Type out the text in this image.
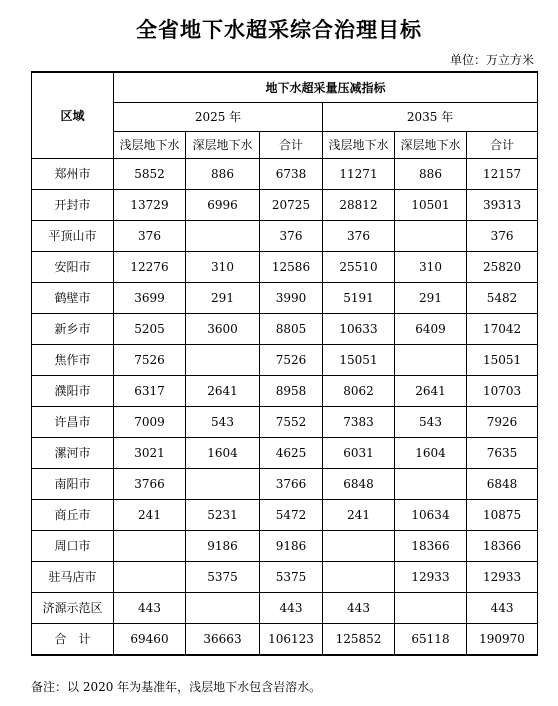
全省地下水超采综合治理目标
单位：万立方米
区域	地下水超采量压减指标					
	2025 年			2035 年		
	浅层地下水	深层地下水	合计	浅层地下水	深层地下水	合计
郑州市	5852	886	6738	11271	886	12157
开封市	13729	6996	20725	28812	10501	39313
平顶山市	376		376	376		376
安阳市	12276	310	12586	25510	310	25820
鹤壁市	3699	291	3990	5191	291	5482
新乡市	5205	3600	8805	10633	6409	17042
焦作市	7526		7526	15051		15051
濮阳市	6317	2641	8958	8062	2641	10703
许昌市	7009	543	7552	7383	543	7926
漯河市	3021	1604	4625	6031	1604	7635
南阳市	3766		3766	6848		6848
商丘市	241	5231	5472	241	10634	10875
周口市		9186	9186		18366	18366
驻马店市		5375	5375		12933	12933
济源示范区	443		443	443		443
合　计	69460	36663	106123	125852	65118	190970
备注：以 2020 年为基准年，浅层地下水包含岩溶水。
